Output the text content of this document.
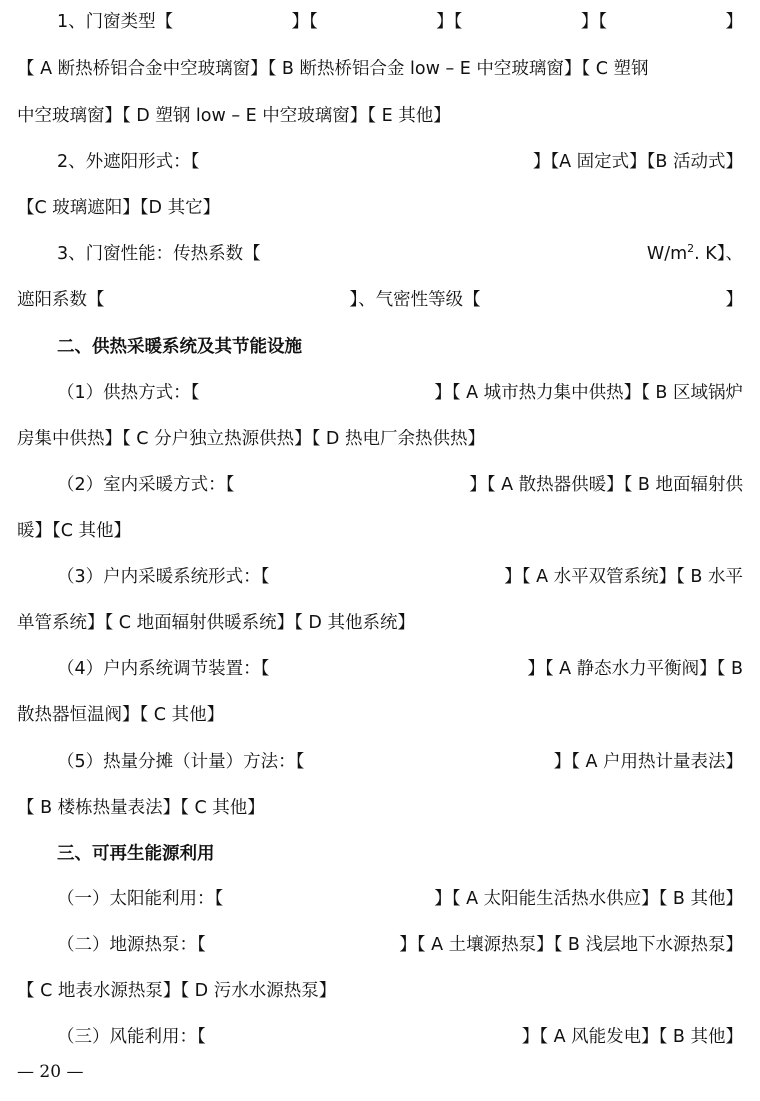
1、门窗类型【	】【	】【	】【	】
【 A 断热桥铝合金中空玻璃窗】【 B 断热桥铝合金 low – E 中空玻璃窗】【 C 塑钢
中空玻璃窗】【 D 塑钢 low – E 中空玻璃窗】【 E 其他】
2、外遮阳形式：【	】【A 固定式】【B 活动式】
【C 玻璃遮阳】【D 其它】
3、门窗性能：传热系数【	$W/m^2$. K】、
遮阳系数【	】、气密性等级【	】
二、供热采暖系统及其节能设施
（1）供热方式：【	】【 A 城市热力集中供热】【 B 区域锅炉
房集中供热】【 C 分户独立热源供热】【 D 热电厂余热供热】
（2）室内采暖方式：【	】【 A 散热器供暖】【 B 地面辐射供
暖】【C 其他】
（3）户内采暖系统形式：【	】【 A 水平双管系统】【 B 水平
单管系统】【 C 地面辐射供暖系统】【 D 其他系统】
（4）户内系统调节装置：【	】【 A 静态水力平衡阀】【 B
散热器恒温阀】【 C 其他】
（5）热量分摊（计量）方法：【	】【 A 户用热计量表法】
【 B 楼栋热量表法】【 C 其他】
三、可再生能源利用
（一）太阳能利用：【	】【 A 太阳能生活热水供应】【 B 其他】
（二）地源热泵：【	】【 A 土壤源热泵】【 B 浅层地下水源热泵】
【 C 地表水源热泵】【 D 污水水源热泵】
（三）风能利用：【	】【 A 风能发电】【 B 其他】
— 20 —
